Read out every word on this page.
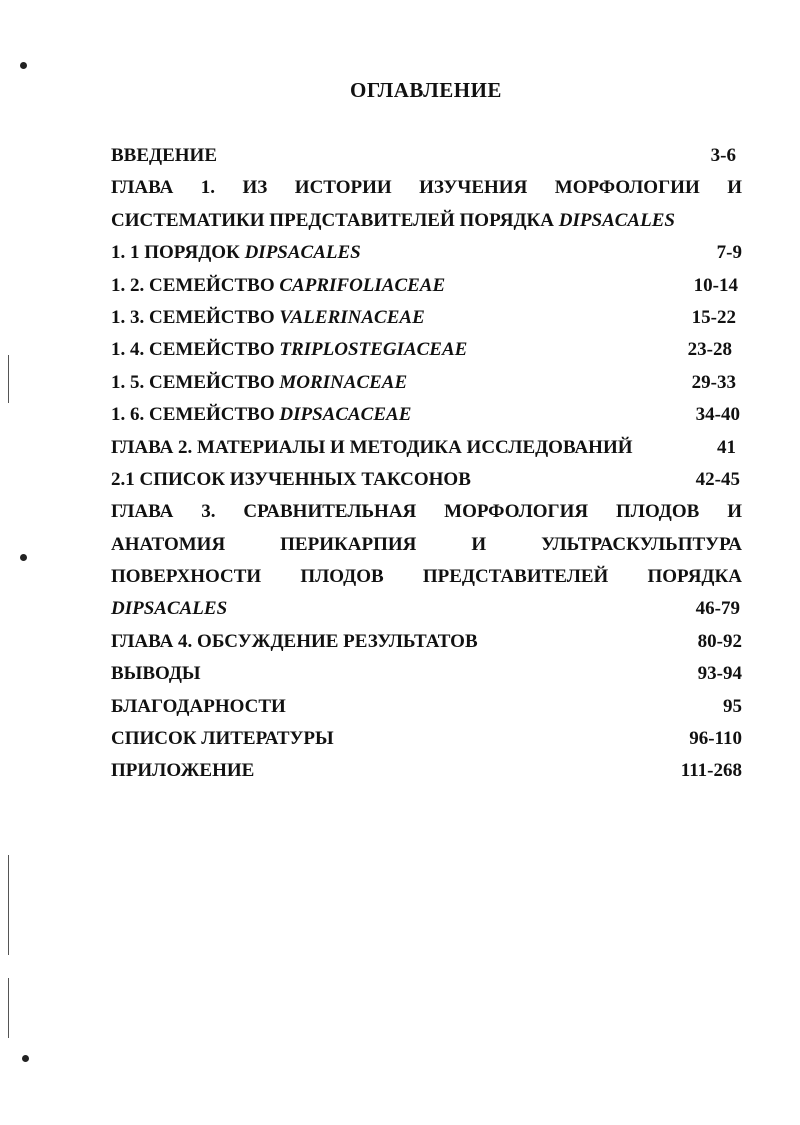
ОГЛАВЛЕНИЕ
ВВЕДЕНИЕ	3-6
ГЛАВА 1. ИЗ ИСТОРИИ ИЗУЧЕНИЯ МОРФОЛОГИИ И
СИСТЕМАТИКИ ПРЕДСТАВИТЕЛЕЙ ПОРЯДКА DIPSACALES
1. 1 ПОРЯДОК DIPSACALES	7-9
1. 2. СЕМЕЙСТВО CAPRIFOLIACEAE	10-14
1. 3. СЕМЕЙСТВО VALERINACEAE	15-22
1. 4. СЕМЕЙСТВО TRIPLOSTEGIACEAE	23-28
1. 5. СЕМЕЙСТВО MORINACEAE	29-33
1. 6. СЕМЕЙСТВО DIPSACACEAE	34-40
ГЛАВА 2. МАТЕРИАЛЫ И МЕТОДИКА ИССЛЕДОВАНИЙ	41
2.1 СПИСОК ИЗУЧЕННЫХ ТАКСОНОВ	42-45
ГЛАВА 3. СРАВНИТЕЛЬНАЯ МОРФОЛОГИЯ ПЛОДОВ И
АНАТОМИЯ ПЕРИКАРПИЯ И УЛЬТРАСКУЛЬПТУРА
ПОВЕРХНОСТИ ПЛОДОВ ПРЕДСТАВИТЕЛЕЙ ПОРЯДКА
DIPSACALES	46-79
ГЛАВА 4. ОБСУЖДЕНИЕ РЕЗУЛЬТАТОВ	80-92
ВЫВОДЫ	93-94
БЛАГОДАРНОСТИ	95
СПИСОК ЛИТЕРАТУРЫ	96-110
ПРИЛОЖЕНИЕ	111-268
